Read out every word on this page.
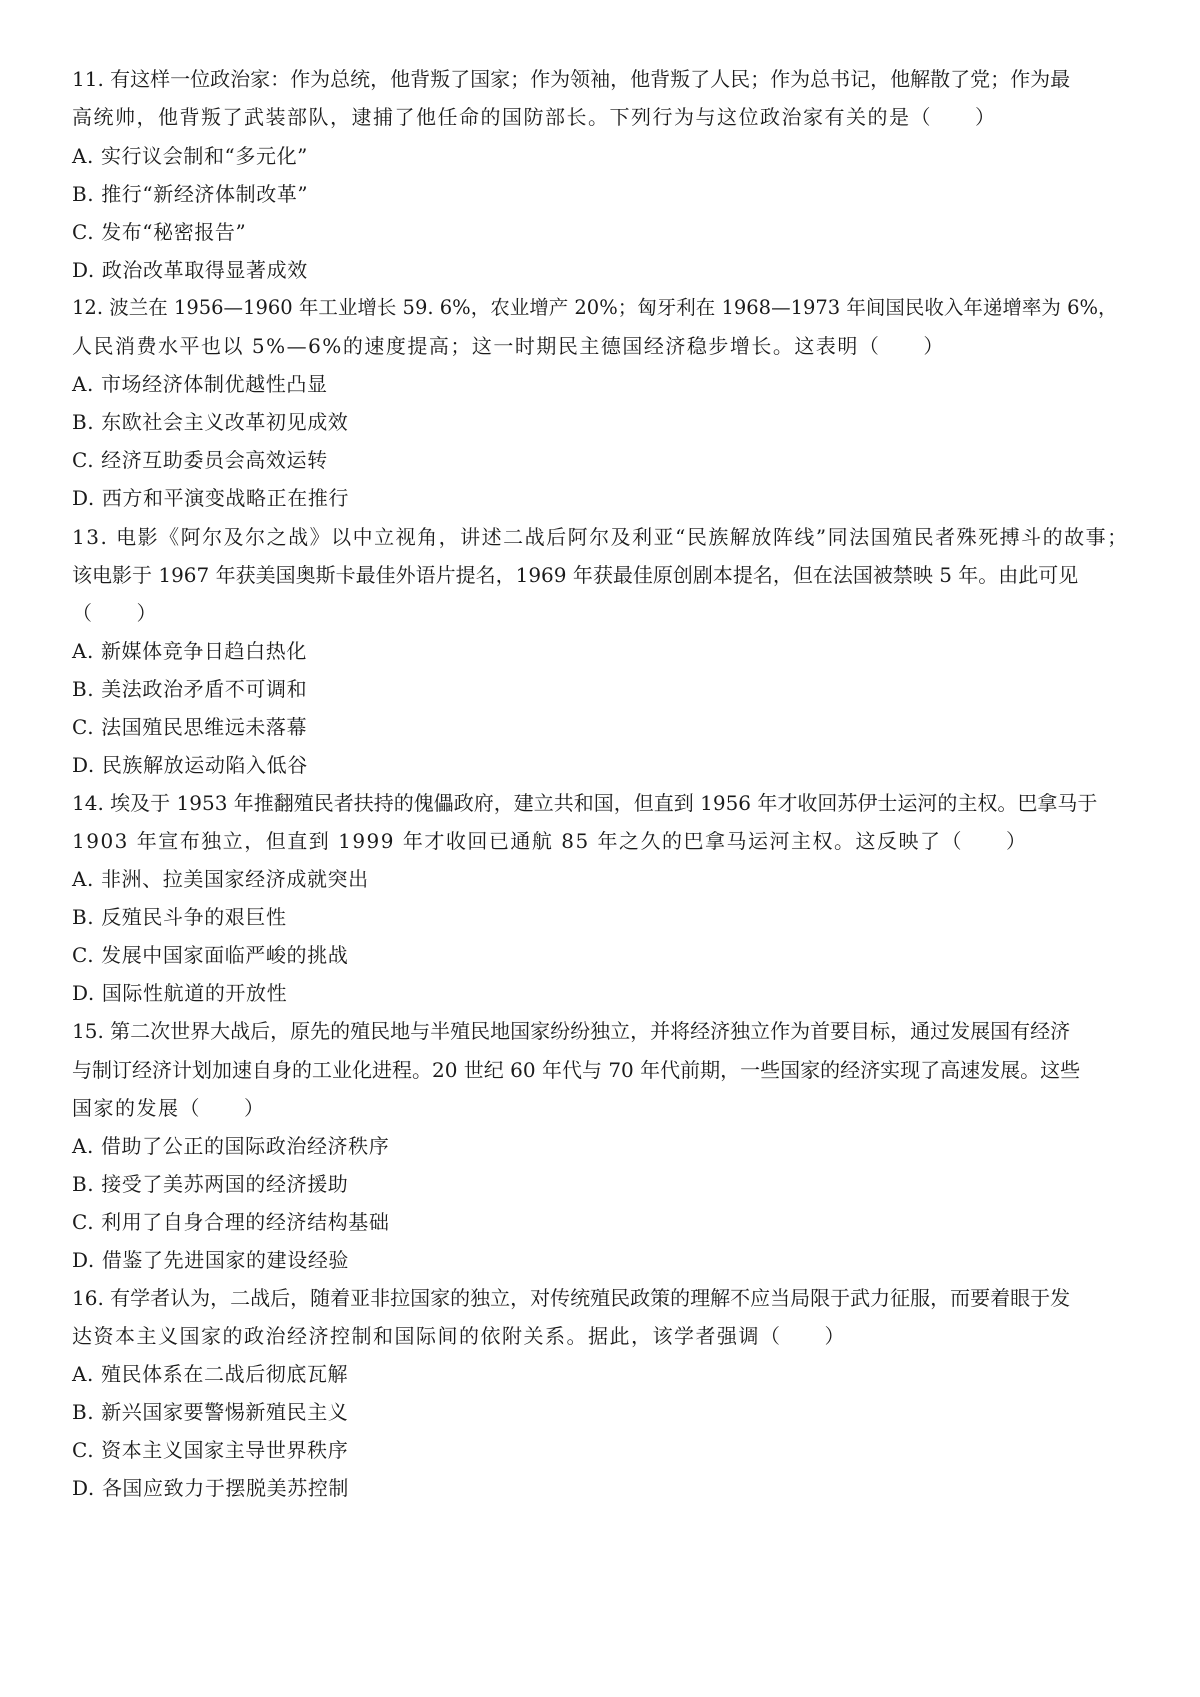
11. 有这样一位政治家：作为总统，他背叛了国家；作为领袖，他背叛了人民；作为总书记，他解散了党；作为最
高统帅，他背叛了武装部队，逮捕了他任命的国防部长。下列行为与这位政治家有关的是（　　）
A. 实行议会制和“多元化”
B. 推行“新经济体制改革”
C. 发布“秘密报告”
D. 政治改革取得显著成效
12. 波兰在 1956—1960 年工业增长 59. 6%，农业增产 20%；匈牙利在 1968—1973 年间国民收入年递增率为 6%，
人民消费水平也以 5%—6%的速度提高；这一时期民主德国经济稳步增长。这表明（　　）
A. 市场经济体制优越性凸显
B. 东欧社会主义改革初见成效
C. 经济互助委员会高效运转
D. 西方和平演变战略正在推行
13. 电影《阿尔及尔之战》以中立视角，讲述二战后阿尔及利亚“民族解放阵线”同法国殖民者殊死搏斗的故事；
该电影于 1967 年获美国奥斯卡最佳外语片提名，1969 年获最佳原创剧本提名，但在法国被禁映 5 年。由此可见
（　　）
A. 新媒体竞争日趋白热化
B. 美法政治矛盾不可调和
C. 法国殖民思维远未落幕
D. 民族解放运动陷入低谷
14. 埃及于 1953 年推翻殖民者扶持的傀儡政府，建立共和国，但直到 1956 年才收回苏伊士运河的主权。巴拿马于
1903 年宣布独立，但直到 1999 年才收回已通航 85 年之久的巴拿马运河主权。这反映了（　　）
A. 非洲、拉美国家经济成就突出
B. 反殖民斗争的艰巨性
C. 发展中国家面临严峻的挑战
D. 国际性航道的开放性
15. 第二次世界大战后，原先的殖民地与半殖民地国家纷纷独立，并将经济独立作为首要目标，通过发展国有经济
与制订经济计划加速自身的工业化进程。20 世纪 60 年代与 70 年代前期，一些国家的经济实现了高速发展。这些
国家的发展（　　）
A. 借助了公正的国际政治经济秩序
B. 接受了美苏两国的经济援助
C. 利用了自身合理的经济结构基础
D. 借鉴了先进国家的建设经验
16. 有学者认为，二战后，随着亚非拉国家的独立，对传统殖民政策的理解不应当局限于武力征服，而要着眼于发
达资本主义国家的政治经济控制和国际间的依附关系。据此，该学者强调（　　）
A. 殖民体系在二战后彻底瓦解
B. 新兴国家要警惕新殖民主义
C. 资本主义国家主导世界秩序
D. 各国应致力于摆脱美苏控制
